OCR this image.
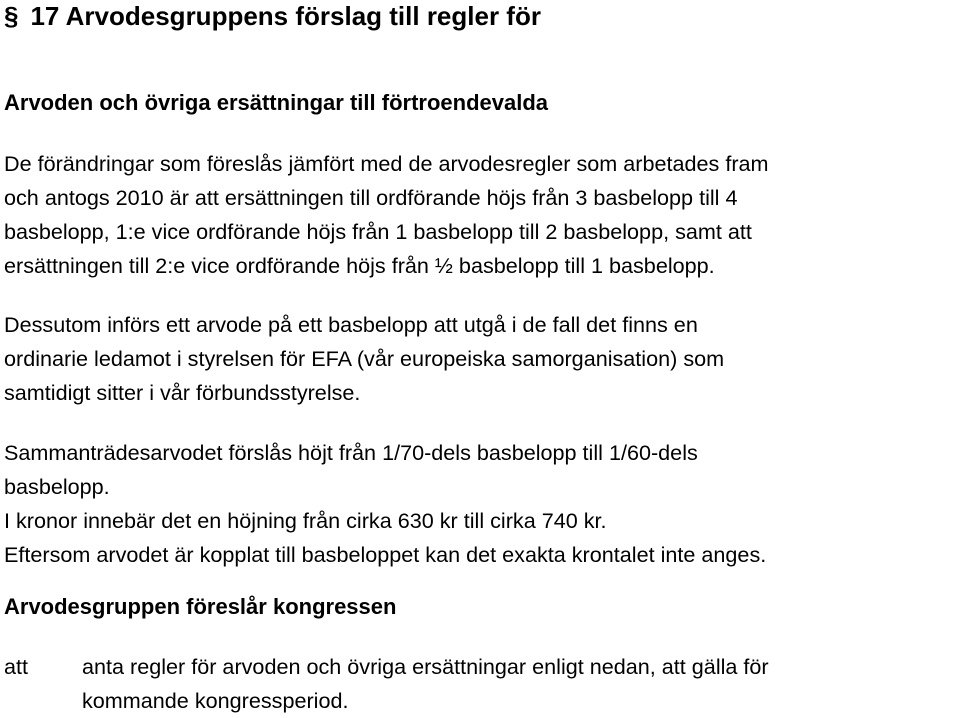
§ 17 Arvodesgruppens förslag till regler för
Arvoden och övriga ersättningar till förtroendevalda

De förändringar som föreslås jämfört med de arvodesregler som arbetades fram
och antogs 2010 är att ersättningen till ordförande höjs från 3 basbelopp till 4
basbelopp, 1:e vice ordförande höjs från 1 basbelopp till 2 basbelopp, samt att
ersättningen till 2:e vice ordförande höjs från ½ basbelopp till 1 basbelopp.

Dessutom införs ett arvode på ett basbelopp att utgå i de fall det finns en
ordinarie ledamot i styrelsen för EFA (vår europeiska samorganisation) som
samtidigt sitter i vår förbundsstyrelse.

Sammanträdesarvodet förslås höjt från 1/70-dels basbelopp till 1/60-dels
basbelopp.
I kronor innebär det en höjning från cirka 630 kr till cirka 740 kr.
Eftersom arvodet är kopplat till basbeloppet kan det exakta krontalet inte anges.

Arvodesgruppen föreslår kongressen
att	anta regler för arvoden och övriga ersättningar enligt nedan, att gälla för
kommande kongressperiod.
